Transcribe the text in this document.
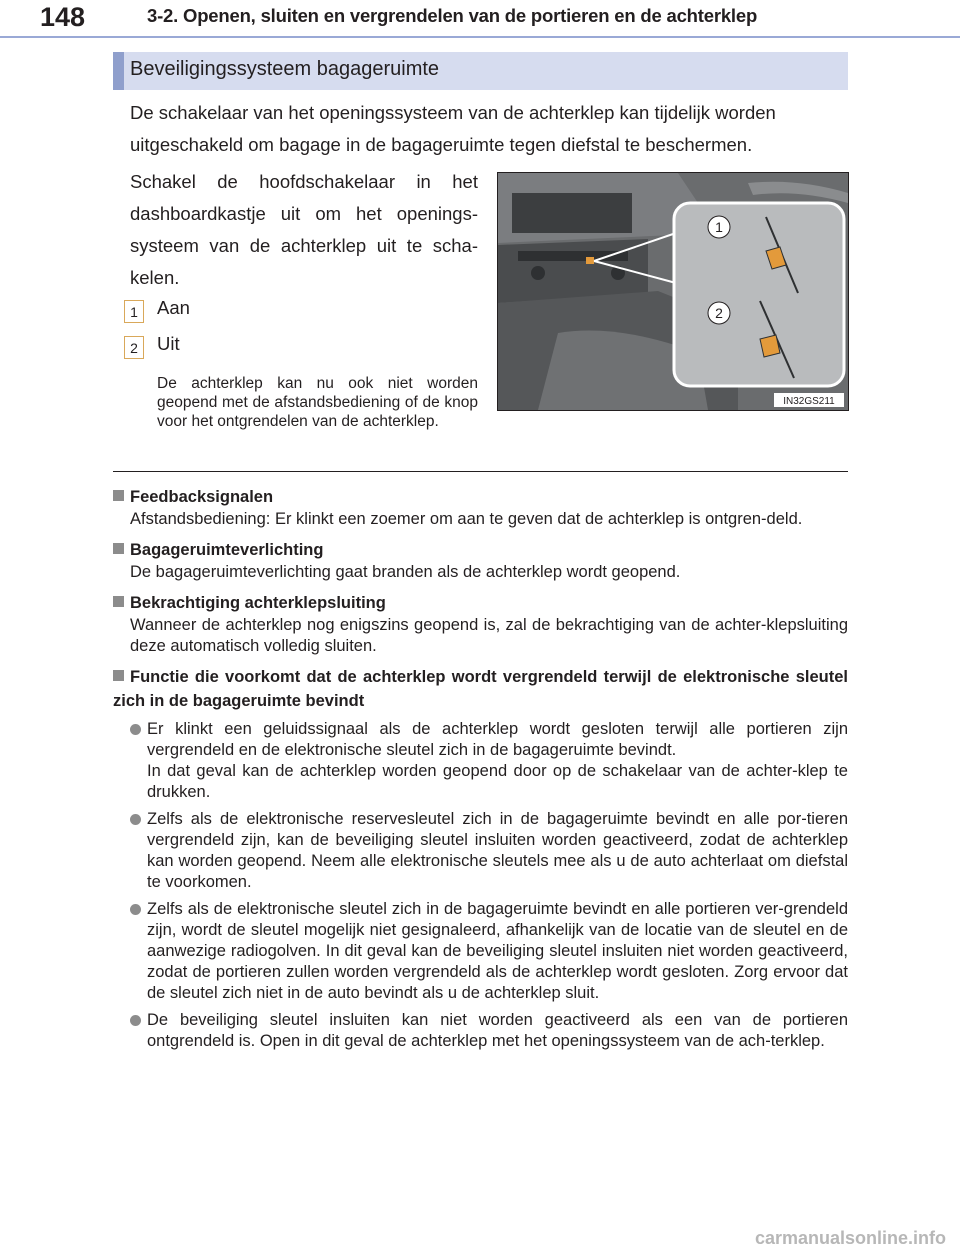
148	3-2. Openen, sluiten en vergrendelen van de portieren en de achterklep
Beveiligingssysteem bagageruimte

De schakelaar van het openingssysteem van de achterklep kan tijdelijk worden uitgeschakeld om bagage in de bagageruimte tegen diefstal te beschermen.

Schakel de hoofdschakelaar in het dashboardkastje uit om het openings-systeem van de achterklep uit te scha-kelen.

1	Aan
2	Uit

De achterklep kan nu ook niet worden geopend met de afstandsbediening of de knop voor het ontgrendelen van de achterklep.

1
2
IN32GS211
Feedbacksignalen
Afstandsbediening: Er klinkt een zoemer om aan te geven dat de achterklep is ontgren-deld.
Bagageruimteverlichting
De bagageruimteverlichting gaat branden als de achterklep wordt geopend.
Bekrachtiging achterklepsluiting
Wanneer de achterklep nog enigszins geopend is, zal de bekrachtiging van de achter-klepsluiting deze automatisch volledig sluiten.
Functie die voorkomt dat de achterklep wordt vergrendeld terwijl de elektronische sleutel zich in de bagageruimte bevindt
Er klinkt een geluidssignaal als de achterklep wordt gesloten terwijl alle portieren zijn vergrendeld en de elektronische sleutel zich in de bagageruimte bevindt.
In dat geval kan de achterklep worden geopend door op de schakelaar van de achter-klep te drukken.
Zelfs als de elektronische reservesleutel zich in de bagageruimte bevindt en alle por-tieren vergrendeld zijn, kan de beveiliging sleutel insluiten worden geactiveerd, zodat de achterklep kan worden geopend. Neem alle elektronische sleutels mee als u de auto achterlaat om diefstal te voorkomen.
Zelfs als de elektronische sleutel zich in de bagageruimte bevindt en alle portieren ver-grendeld zijn, wordt de sleutel mogelijk niet gesignaleerd, afhankelijk van de locatie van de sleutel en de aanwezige radiogolven. In dit geval kan de beveiliging sleutel insluiten niet worden geactiveerd, zodat de portieren zullen worden vergrendeld als de achterklep wordt gesloten. Zorg ervoor dat de sleutel zich niet in de auto bevindt als u de achterklep sluit.
De beveiliging sleutel insluiten kan niet worden geactiveerd als een van de portieren ontgrendeld is. Open in dit geval de achterklep met het openingssysteem van de ach-terklep.
carmanualsonline.info
